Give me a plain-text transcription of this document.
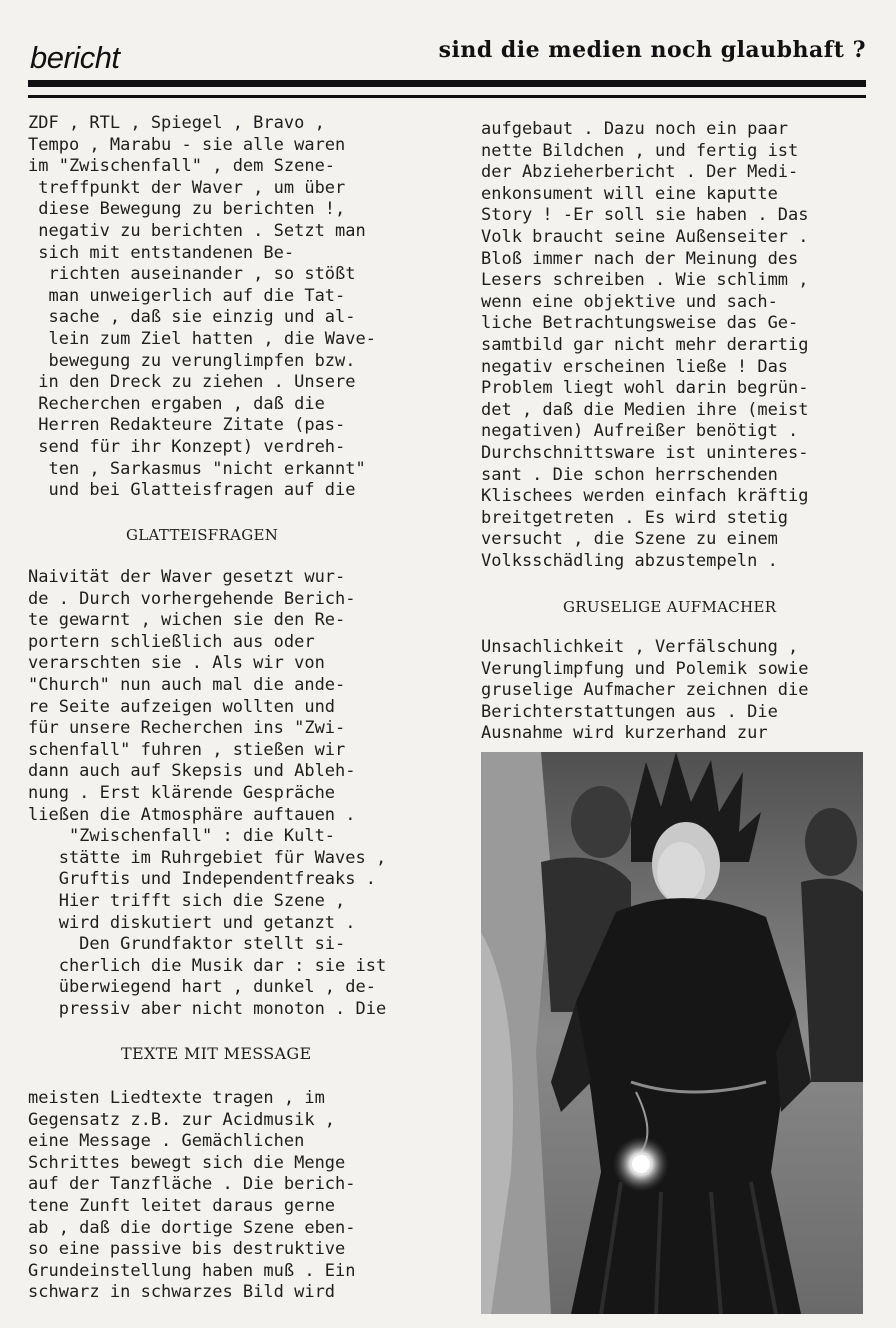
bericht	sind die medien noch glaubhaft ?
ZDF , RTL , Spiegel , Bravo ,
Tempo , Marabu - sie alle waren
im "Zwischenfall" , dem Szene-
treffpunkt der Waver , um über
diese Bewegung zu berichten !,
negativ zu berichten . Setzt man
sich mit entstandenen Be-
richten auseinander , so stößt
man unweigerlich auf die Tat-
sache , daß sie einzig und al-
lein zum Ziel hatten , die Wave-
bewegung zu verunglimpfen bzw.
in den Dreck zu ziehen . Unsere
Recherchen ergaben , daß die
Herren Redakteure Zitate (pas-
send für ihr Konzept) verdreh-
ten , Sarkasmus "nicht erkannt"
und bei Glatteisfragen auf die
GLATTEISFRAGEN
Naivität der Waver gesetzt wur-
de . Durch vorhergehende Berich-
te gewarnt , wichen sie den Re-
portern schließlich aus oder
verarschten sie . Als wir von
"Church" nun auch mal die ande-
re Seite aufzeigen wollten und
für unsere Recherchen ins "Zwi-
schenfall" fuhren , stießen wir
dann auch auf Skepsis und Ableh-
nung . Erst klärende Gespräche
ließen die Atmosphäre auftauen .
"Zwischenfall" : die Kult-
stätte im Ruhrgebiet für Waves ,
Gruftis und Independentfreaks .
Hier trifft sich die Szene ,
wird diskutiert und getanzt .
Den Grundfaktor stellt si-
cherlich die Musik dar : sie ist
überwiegend hart , dunkel , de-
pressiv aber nicht monoton . Die
TEXTE MIT MESSAGE
meisten Liedtexte tragen , im
Gegensatz z.B. zur Acidmusik ,
eine Message . Gemächlichen
Schrittes bewegt sich die Menge
auf der Tanzfläche . Die berich-
tene Zunft leitet daraus gerne
ab , daß die dortige Szene eben-
so eine passive bis destruktive
Grundeinstellung haben muß . Ein
schwarz in schwarzes Bild wird
aufgebaut . Dazu noch ein paar
nette Bildchen , und fertig ist
der Abzieherbericht . Der Medi-
enkonsument will eine kaputte
Story ! -Er soll sie haben . Das
Volk braucht seine Außenseiter .
Bloß immer nach der Meinung des
Lesers schreiben . Wie schlimm ,
wenn eine objektive und sach-
liche Betrachtungsweise das Ge-
samtbild gar nicht mehr derartig
negativ erscheinen ließe ! Das
Problem liegt wohl darin begrün-
det , daß die Medien ihre (meist
negativen) Aufreißer benötigt .
Durchschnittsware ist uninteres-
sant . Die schon herrschenden
Klischees werden einfach kräftig
breitgetreten . Es wird stetig
versucht , die Szene zu einem
Volksschädling abzustempeln .
GRUSELIGE AUFMACHER
Unsachlichkeit , Verfälschung ,
Verunglimpfung und Polemik sowie
gruselige Aufmacher zeichnen die
Berichterstattungen aus . Die
Ausnahme wird kurzerhand zur
